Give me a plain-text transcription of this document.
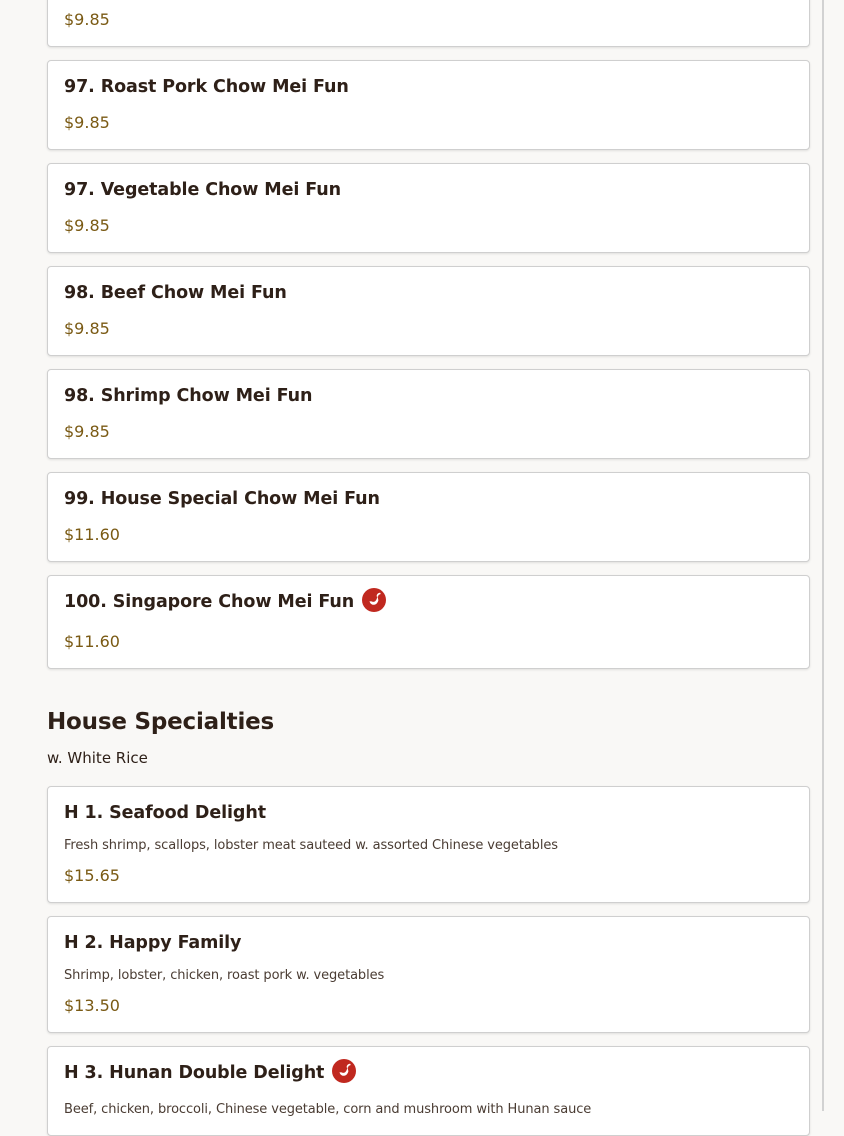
$9.85
97. Roast Pork Chow Mei Fun
$9.85
97. Vegetable Chow Mei Fun
$9.85
98. Beef Chow Mei Fun
$9.85
98. Shrimp Chow Mei Fun
$9.85
99. House Special Chow Mei Fun
$11.60
100. Singapore Chow Mei Fun
$11.60
House Specialties
w. White Rice
H 1. Seafood Delight
Fresh shrimp, scallops, lobster meat sauteed w. assorted Chinese vegetables
$15.65
H 2. Happy Family
Shrimp, lobster, chicken, roast pork w. vegetables
$13.50
H 3. Hunan Double Delight
Beef, chicken, broccoli, Chinese vegetable, corn and mushroom with Hunan sauce
